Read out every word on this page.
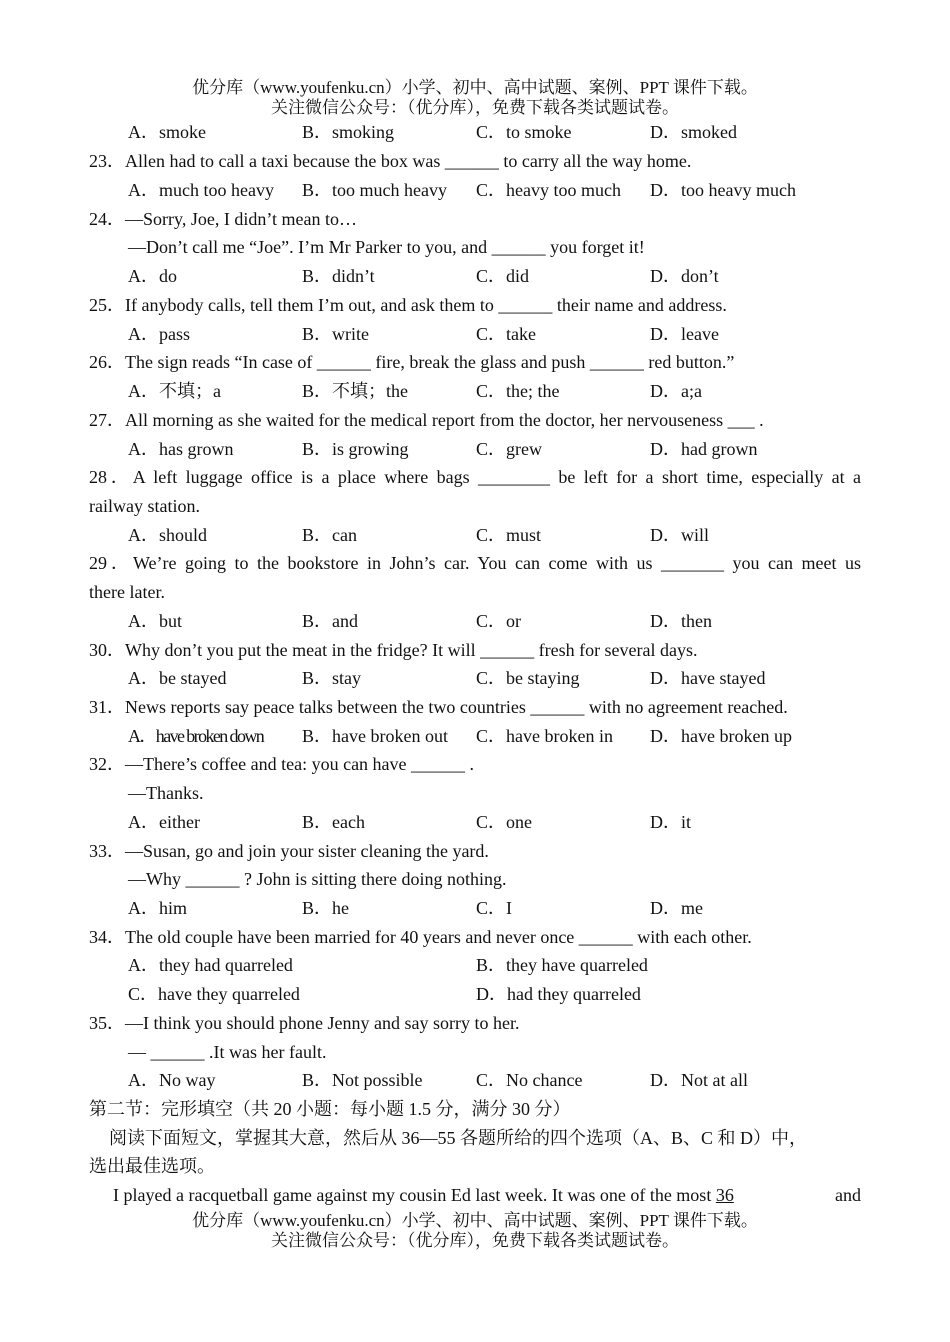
优分库（www.youfenku.cn）小学、初中、高中试题、案例、PPT 课件下载。
关注微信公众号：（优分库），免费下载各类试题试卷。
A．smoke	B．smoking	C．to smoke	D．smoked
23．Allen had to call a taxi because the box was ______ to carry all the way home.
A．much too heavy B．too much heavy C．heavy too much D．too heavy much
24．—Sorry, Joe, I didn’t mean to…
—Don’t call me “Joe”. I’m Mr Parker to you, and ______ you forget it!
A．do	B．didn’t	C．did	D．don’t
25．If anybody calls, tell them I’m out, and ask them to ______ their name and address.
A．pass	B．write	C．take	D．leave
26．The sign reads “In case of ______ fire, break the glass and push ______ red button.”
A．不填；a	B．不填；the	C．the; the	D．a;a
27．All morning as she waited for the medical report from the doctor, her nervouseness ___ .
A．has grown	B．is growing	C．grew	D．had grown
28．A left luggage office is a place where bags ________ be left for a short time, especially at a
railway station.
A．should	B．can	C．must	D．will
29．We’re going to the bookstore in John’s car. You can come with us _______ you can meet us
there later.
A．but	B．and	C．or	D．then
30．Why don’t you put the meat in the fridge? It will ______ fresh for several days.
A．be stayed	B．stay	C．be staying	D．have stayed
31．News reports say peace talks between the two countries ______ with no agreement reached.
A．have broken down B．have broken out C．have broken in D．have broken up
32．—There’s coffee and tea: you can have ______ .
—Thanks.
A．either	B．each	C．one	D．it
33．—Susan, go and join your sister cleaning the yard.
—Why ______ ? John is sitting there doing nothing.
A．him	B．he	C．I	D．me
34．The old couple have been married for 40 years and never once ______ with each other.
A．they had quarreled	B．they have quarreled
C．have they quarreled	D．had they quarreled
35．—I think you should phone Jenny and say sorry to her.
— ______ .It was her fault.
A．No way	B．Not possible	C．No chance	D．Not at all
第二节：完形填空（共 20 小题：每小题 1.5 分，满分 30 分）
阅读下面短文，掌握其大意，然后从 36—55 各题所给的四个选项（A、B、C 和 D）中，
选出最佳选项。
I played a racquetball game against my cousin Ed last week. It was one of the most 36	and
优分库（www.youfenku.cn）小学、初中、高中试题、案例、PPT 课件下载。
关注微信公众号：（优分库），免费下载各类试题试卷。
